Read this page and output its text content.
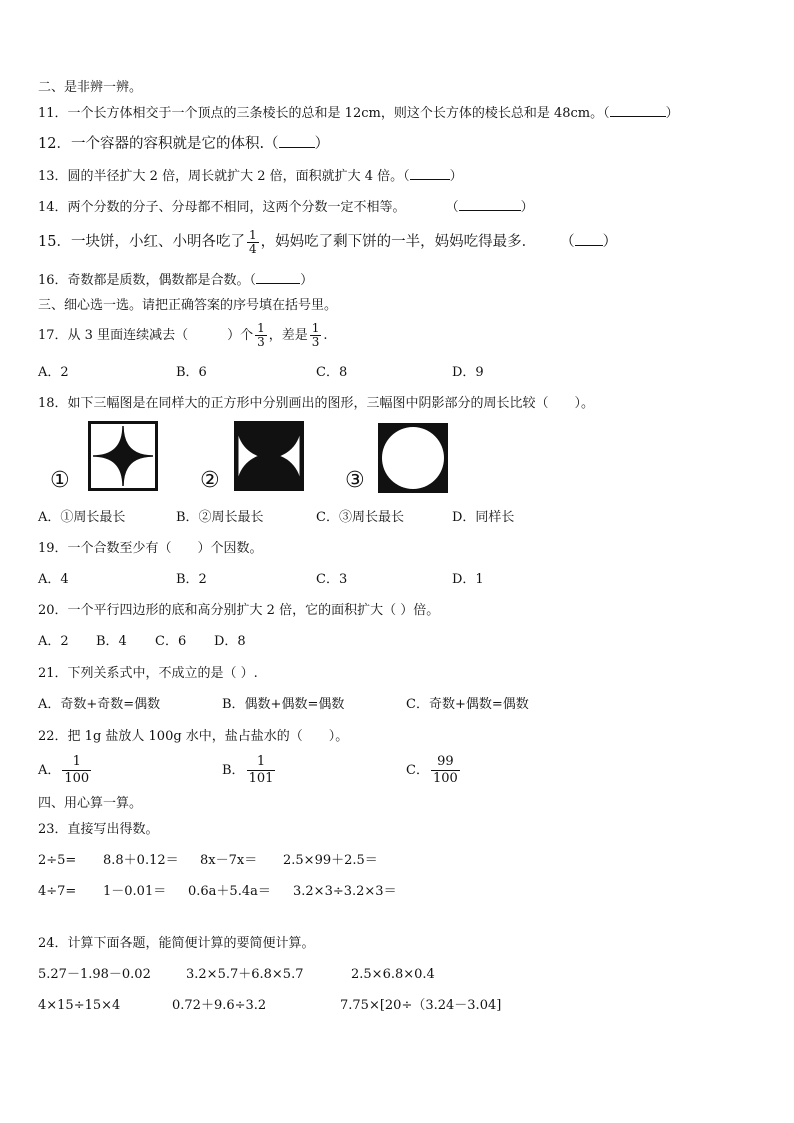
二、是非辨一辨。
11．一个长方体相交于一个顶点的三条棱长的总和是 12cm，则这个长方体的棱长总和是 48cm。（	）
12．一个容器的容积就是它的体积.（ ）
13．圆的半径扩大 2 倍，周长就扩大 2 倍，面积就扩大 4 倍。（	）
14．两个分数的分子、分母都不相同，这两个分数一定不相等。	（	）
15．一块饼，小红、小明各吃了 $\frac{1}{4}$ ，妈妈吃了剩下饼的一半，妈妈吃得最多． （ ）
16．奇数都是质数，偶数都是合数。（	）
三、细心选一选。请把正确答案的序号填在括号里。
17．从 3 里面连续减去（　　　）个 $\frac{1}{3}$ ，差是 $\frac{1}{3}$ .
A．2	B．6	C．8	D．9
18．如下三幅图是在同样大的正方形中分别画出的图形，三幅图中阴影部分的周长比较（　　）。
①	②	③
A．①周长最长	B．②周长最长	C．③周长最长	D．同样长
19．一个合数至少有（　　）个因数。
A．4	B．2	C．3	D．1
20．一个平行四边形的底和高分别扩大 2 倍，它的面积扩大（ ）倍。
A．2 B．4 C．6 D．8
21．下列关系式中，不成立的是（ ）.
A．奇数+奇数=偶数	B．偶数+偶数=偶数	C．奇数+偶数=偶数
22．把 1g 盐放人 100g 水中，盐占盐水的（　　）。
A． $\frac{1}{100}$	B． $\frac{1}{101}$	C． $\frac{99}{100}$
四、用心算一算。
23．直接写出得数。
2÷5= 8.8＋0.12＝ 8x－7x＝ 2.5×99＋2.5＝
4÷7= 1－0.01＝ 0.6a＋5.4a＝ 3.2×3÷3.2×3＝
24．计算下面各题，能简便计算的要简便计算。
5.27－1.98－0.02	3.2×5.7＋6.8×5.7	2.5×6.8×0.4
4×15÷15×4	0.72＋9.6÷3.2	7.75×[20÷（3.24－3.04]
